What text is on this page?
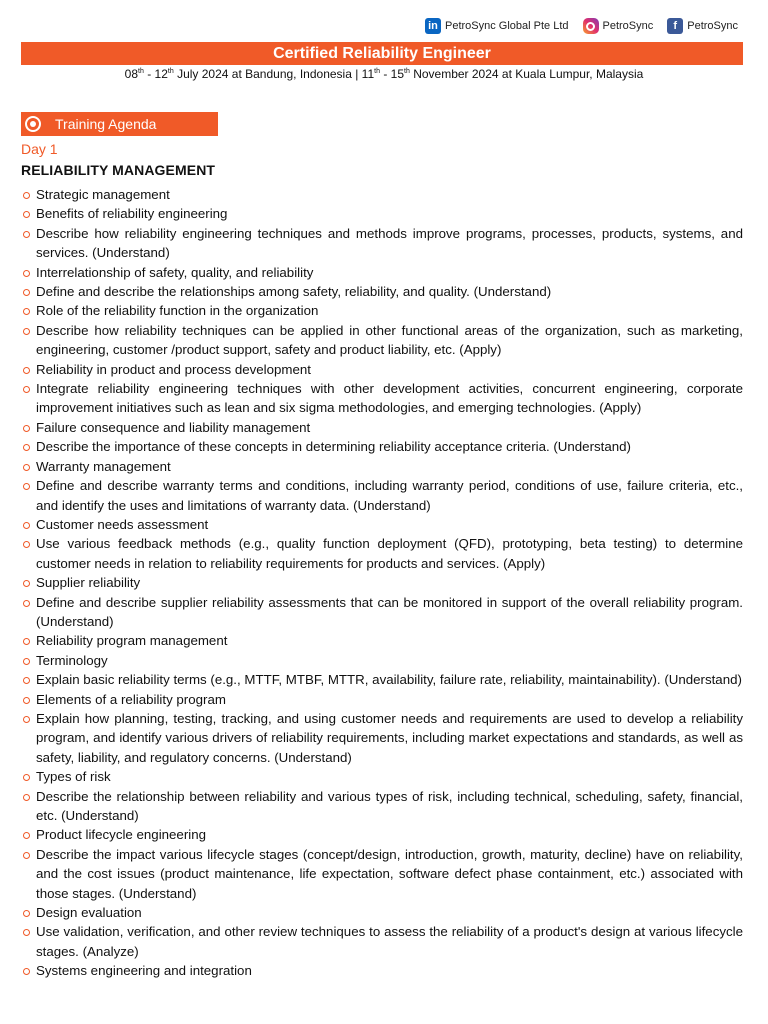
in PetroSync Global Pte Ltd	PetroSync	f PetroSync
Certified Reliability Engineer
08th - 12th July 2024 at Bandung, Indonesia | 11th - 15th November 2024 at Kuala Lumpur, Malaysia
Training Agenda
Day 1
RELIABILITY MANAGEMENT
Strategic management
Benefits of reliability engineering
Describe how reliability engineering techniques and methods improve programs, processes, products, systems, and services. (Understand)
Interrelationship of safety, quality, and reliability
Define and describe the relationships among safety, reliability, and quality. (Understand)
Role of the reliability function in the organization
Describe how reliability techniques can be applied in other functional areas of the organization, such as marketing, engineering, customer /product support, safety and product liability, etc. (Apply)
Reliability in product and process development
Integrate reliability engineering techniques with other development activities, concurrent engineering, corporate improvement initiatives such as lean and six sigma methodologies, and emerging technologies. (Apply)
Failure consequence and liability management
Describe the importance of these concepts in determining reliability acceptance criteria. (Understand)
Warranty management
Define and describe warranty terms and conditions, including warranty period, conditions of use, failure criteria, etc., and identify the uses and limitations of warranty data. (Understand)
Customer needs assessment
Use various feedback methods (e.g., quality function deployment (QFD), prototyping, beta testing) to determine customer needs in relation to reliability requirements for products and services. (Apply)
Supplier reliability
Define and describe supplier reliability assessments that can be monitored in support of the overall reliability program. (Understand)
Reliability program management
Terminology
Explain basic reliability terms (e.g., MTTF, MTBF, MTTR, availability, failure rate, reliability, maintainability). (Understand)
Elements of a reliability program
Explain how planning, testing, tracking, and using customer needs and requirements are used to develop a reliability program, and identify various drivers of reliability requirements, including market expectations and standards, as well as safety, liability, and regulatory concerns. (Understand)
Types of risk
Describe the relationship between reliability and various types of risk, including technical, scheduling, safety, financial, etc. (Understand)
Product lifecycle engineering
Describe the impact various lifecycle stages (concept/design, introduction, growth, maturity, decline) have on reliability, and the cost issues (product maintenance, life expectation, software defect phase containment, etc.) associated with those stages. (Understand)
Design evaluation
Use validation, verification, and other review techniques to assess the reliability of a product's design at various lifecycle stages. (Analyze)
Systems engineering and integration
